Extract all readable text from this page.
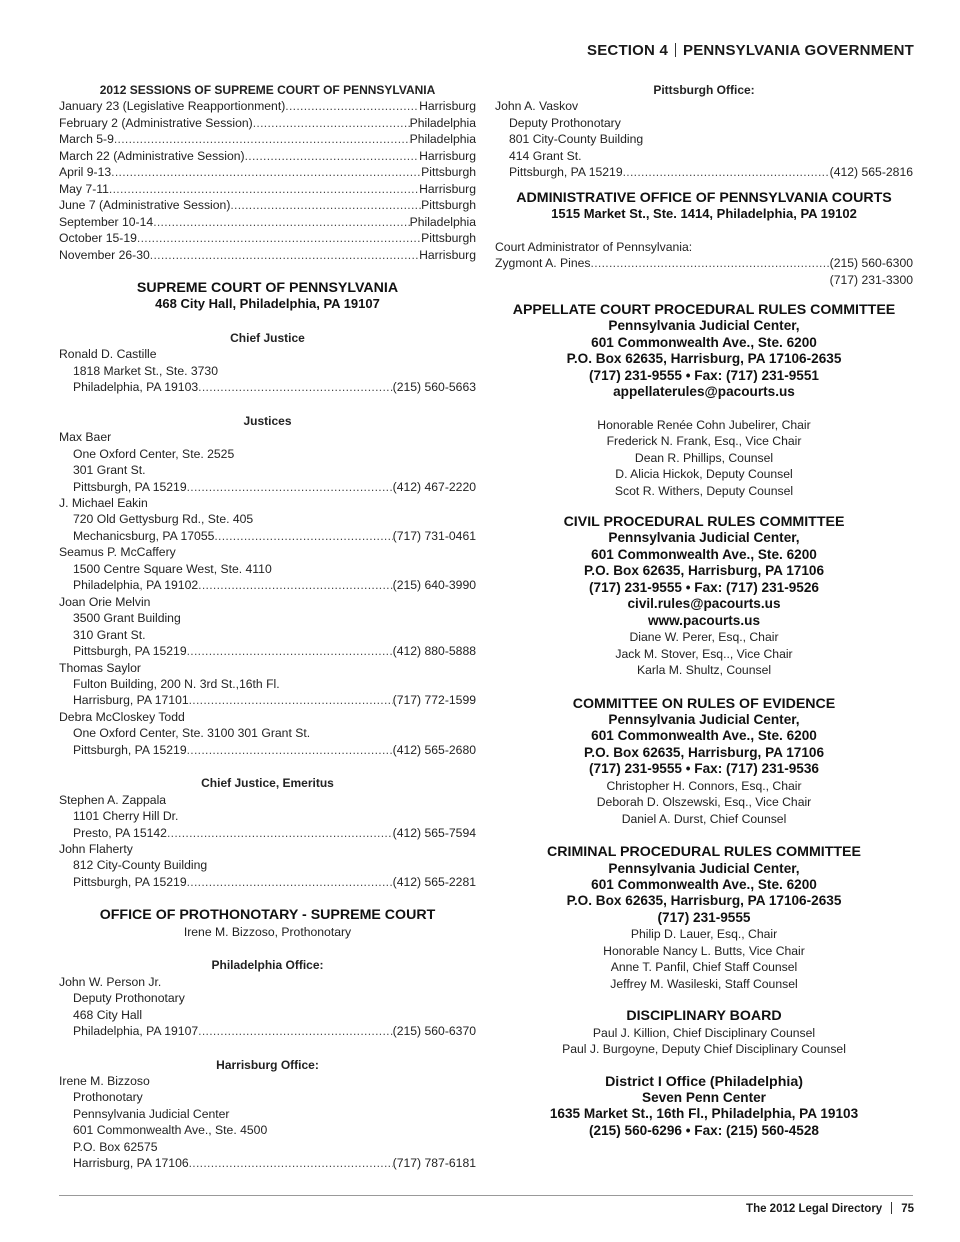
SECTION 4 PENNSYLVANIA GOVERNMENT
2012 SESSIONS OF SUPREME COURT OF PENNSYLVANIA
January 23 (Legislative Reapportionment) .....	Harrisburg
February 2 (Administrative Session) .....	Philadelphia
March 5-9 .....	Philadelphia
March 22 (Administrative Session) .....	Harrisburg
April 9-13 .....	Pittsburgh
May 7-11 .....	Harrisburg
June 7 (Administrative Session) .....	Pittsburgh
September 10-14 .....	Philadelphia
October 15-19 .....	Pittsburgh
November 26-30 .....	Harrisburg
SUPREME COURT OF PENNSYLVANIA
468 City Hall, Philadelphia, PA 19107
Chief Justice
Ronald D. Castille
1818 Market St., Ste. 3730
Philadelphia, PA 19103 .....	(215) 560-5663
Justices
Max Baer
One Oxford Center, Ste. 2525
301 Grant St.
Pittsburgh, PA 15219 .....	(412) 467-2220
J. Michael Eakin
720 Old Gettysburg Rd., Ste. 405
Mechanicsburg, PA 17055 .....	(717) 731-0461
Seamus P. McCaffery
1500 Centre Square West, Ste. 4110
Philadelphia, PA 19102 .....	(215) 640-3990
Joan Orie Melvin
3500 Grant Building
310 Grant St.
Pittsburgh, PA 15219 .....	(412) 880-5888
Thomas Saylor
Fulton Building, 200 N. 3rd St.,16th Fl.
Harrisburg, PA 17101 .....	(717) 772-1599
Debra McCloskey Todd
One Oxford Center, Ste. 3100 301 Grant St.
Pittsburgh, PA 15219 .....	(412) 565-2680
Chief Justice, Emeritus
Stephen A. Zappala
1101 Cherry Hill Dr.
Presto, PA 15142 .....	(412) 565-7594
John Flaherty
812 City-County Building
Pittsburgh, PA 15219 .....	(412) 565-2281
OFFICE OF PROTHONOTARY - SUPREME COURT
Irene M. Bizzoso, Prothonotary
Philadelphia Office:
John W. Person Jr.
Deputy Prothonotary
468 City Hall
Philadelphia, PA 19107 .....	(215) 560-6370
Harrisburg Office:
Irene M. Bizzoso
Prothonotary
Pennsylvania Judicial Center
601 Commonwealth Ave., Ste. 4500
P.O. Box 62575
Harrisburg, PA 17106 .....	(717) 787-6181
Pittsburgh Office:
John A. Vaskov
Deputy Prothonotary
801 City-County Building
414 Grant St.
Pittsburgh, PA 15219 .....	(412) 565-2816
ADMINISTRATIVE OFFICE OF PENNSYLVANIA COURTS
1515 Market St., Ste. 1414, Philadelphia, PA 19102
Court Administrator of Pennsylvania:
Zygmont A. Pines .....	(215) 560-6300
(717) 231-3300
APPELLATE COURT PROCEDURAL RULES COMMITTEE
Pennsylvania Judicial Center,
601 Commonwealth Ave., Ste. 6200
P.O. Box 62635, Harrisburg, PA 17106-2635
(717) 231-9555 • Fax: (717) 231-9551
appellaterules@pacourts.us
Honorable Renée Cohn Jubelirer, Chair
Frederick N. Frank, Esq., Vice Chair
Dean R. Phillips, Counsel
D. Alicia Hickok, Deputy Counsel
Scot R. Withers, Deputy Counsel
CIVIL PROCEDURAL RULES COMMITTEE
Pennsylvania Judicial Center,
601 Commonwealth Ave., Ste. 6200
P.O. Box 62635, Harrisburg, PA 17106
(717) 231-9555 • Fax: (717) 231-9526
civil.rules@pacourts.us
www.pacourts.us
Diane W. Perer, Esq., Chair
Jack M. Stover, Esq.., Vice Chair
Karla M. Shultz, Counsel
COMMITTEE ON RULES OF EVIDENCE
Pennsylvania Judicial Center,
601 Commonwealth Ave., Ste. 6200
P.O. Box 62635, Harrisburg, PA 17106
(717) 231-9555 • Fax: (717) 231-9536
Christopher H. Connors, Esq., Chair
Deborah D. Olszewski, Esq., Vice Chair
Daniel A. Durst, Chief Counsel
CRIMINAL PROCEDURAL RULES COMMITTEE
Pennsylvania Judicial Center,
601 Commonwealth Ave., Ste. 6200
P.O. Box 62635, Harrisburg, PA 17106-2635
(717) 231-9555
Philip D. Lauer, Esq., Chair
Honorable Nancy L. Butts, Vice Chair
Anne T. Panfil, Chief Staff Counsel
Jeffrey M. Wasileski, Staff Counsel
DISCIPLINARY BOARD
Paul J. Killion, Chief Disciplinary Counsel
Paul J. Burgoyne, Deputy Chief Disciplinary Counsel
District I Office (Philadelphia)
Seven Penn Center
1635 Market St., 16th Fl., Philadelphia, PA 19103
(215) 560-6296 • Fax: (215) 560-4528
The 2012 Legal Directory 75
